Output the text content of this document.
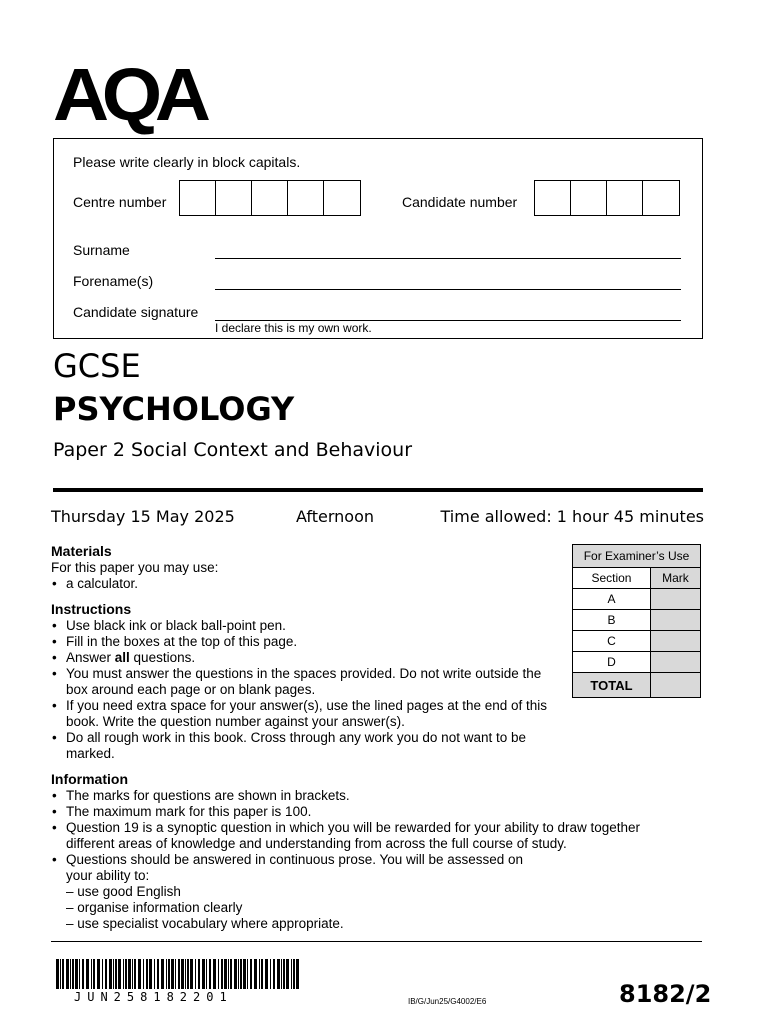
AQA
Please write clearly in block capitals.
Centre number	Candidate number
Surname
Forename(s)
Candidate signature
I declare this is my own work.
GCSE
PSYCHOLOGY
Paper 2 Social Context and Behaviour
Thursday 15 May 2025	Afternoon	Time allowed: 1 hour 45 minutes
Materials

For this paper you may use:

• a calculator.
Instructions
• Use black ink or black ball-point pen.
• Fill in the boxes at the top of this page.
• Answer all questions.
• You must answer the questions in the spaces provided. Do not write outside the box around each page or on blank pages.
• If you need extra space for your answer(s), use the lined pages at the end of this book. Write the question number against your answer(s).
• Do all rough work in this book. Cross through any work you do not want to be marked.
Information
• The marks for questions are shown in brackets.
• The maximum mark for this paper is 100.
• Question 19 is a synoptic question in which you will be rewarded for your ability to draw together different areas of knowledge and understanding from across the full course of study.
• Questions should be answered in continuous prose. You will be assessed on your ability to:
– use good English
– organise information clearly
– use specialist vocabulary where appropriate.
For Examiner’s Use	
Section	Mark
A	
B	
C	
D	
TOTAL	
JUN258182201	IB/G/Jun25/G4002/E6	8182/2
